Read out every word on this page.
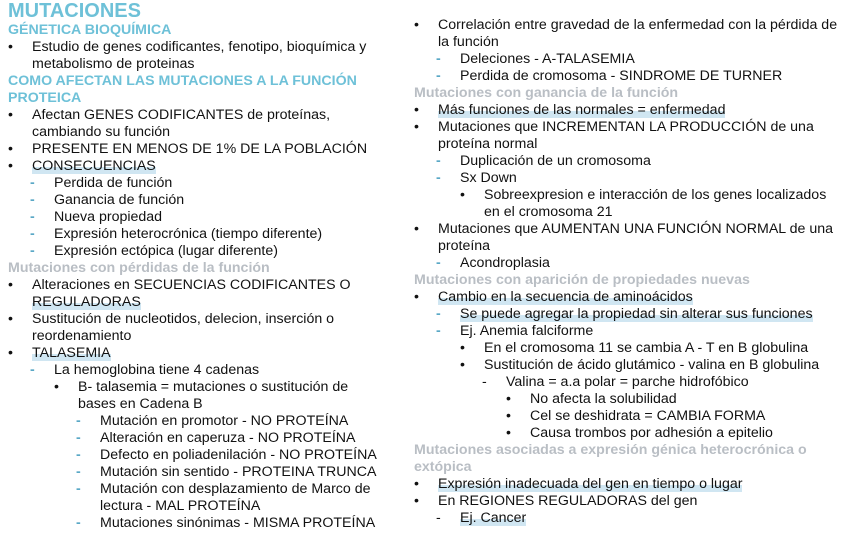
MUTACIONES
GÉNETICA BIOQUÍMICA
•	Estudio de genes codificantes, fenotipo, bioquímica y
metabolismo de proteinas
COMO AFECTAN LAS MUTACIONES A LA FUNCIÓN
PROTEICA
•	Afectan GENES CODIFICANTES de proteínas,
cambiando su función
•	PRESENTE EN MENOS DE 1% DE LA POBLACIÓN
•	CONSECUENCIAS
-	Perdida de función
-	Ganancia de función
-	Nueva propiedad
-	Expresión heterocrónica (tiempo diferente)
-	Expresión ectópica (lugar diferente)
Mutaciones con pérdidas de la función
•	Alteraciones en SECUENCIAS CODIFICANTES O
REGULADORAS
•	Sustitución de nucleotidos, delecion, inserción o
reordenamiento
•	TALASEMIA
-	La hemoglobina tiene 4 cadenas
•	B- talasemia = mutaciones o sustitución de
bases en Cadena B
-	Mutación en promotor - NO PROTEÍNA
-	Alteración en caperuza - NO PROTEÍNA
-	Defecto en poliadenilación - NO PROTEÍNA
-	Mutación sin sentido - PROTEINA TRUNCA
-	Mutación con desplazamiento de Marco de
lectura - MAL PROTEÍNA
-	Mutaciones sinónimas - MISMA PROTEÍNA
•	Correlación entre gravedad de la enfermedad con la pérdida de
la función
-	Deleciones - A-TALASEMIA
-	Perdida de cromosoma - SINDROME DE TURNER
Mutaciones con ganancia de la función
•	Más funciones de las normales = enfermedad
•	Mutaciones que INCREMENTAN LA PRODUCCIÓN de una
proteína normal
-	Duplicación de un cromosoma
-	Sx Down
•	Sobreexpresion e interacción de los genes localizados
en el cromosoma 21
•	Mutaciones que AUMENTAN UNA FUNCIÓN NORMAL de una
proteína
-	Acondroplasia
Mutaciones con aparición de propiedades nuevas
•	Cambio en la secuencia de aminoácidos
-	Se puede agregar la propiedad sin alterar sus funciones
-	Ej. Anemia falciforme
•	En el cromosoma 11 se cambia A - T en B globulina
•	Sustitución de ácido glutámico - valina en B globulina
-	Valina = a.a polar = parche hidrofóbico
•	No afecta la solubilidad
•	Cel se deshidrata = CAMBIA FORMA
•	Causa trombos por adhesión a epitelio
Mutaciones asociadas a expresión génica heterocrónica o
extópica
•	Expresión inadecuada del gen en tiempo o lugar
•	En REGIONES REGULADORAS del gen
-	Ej. Cancer
